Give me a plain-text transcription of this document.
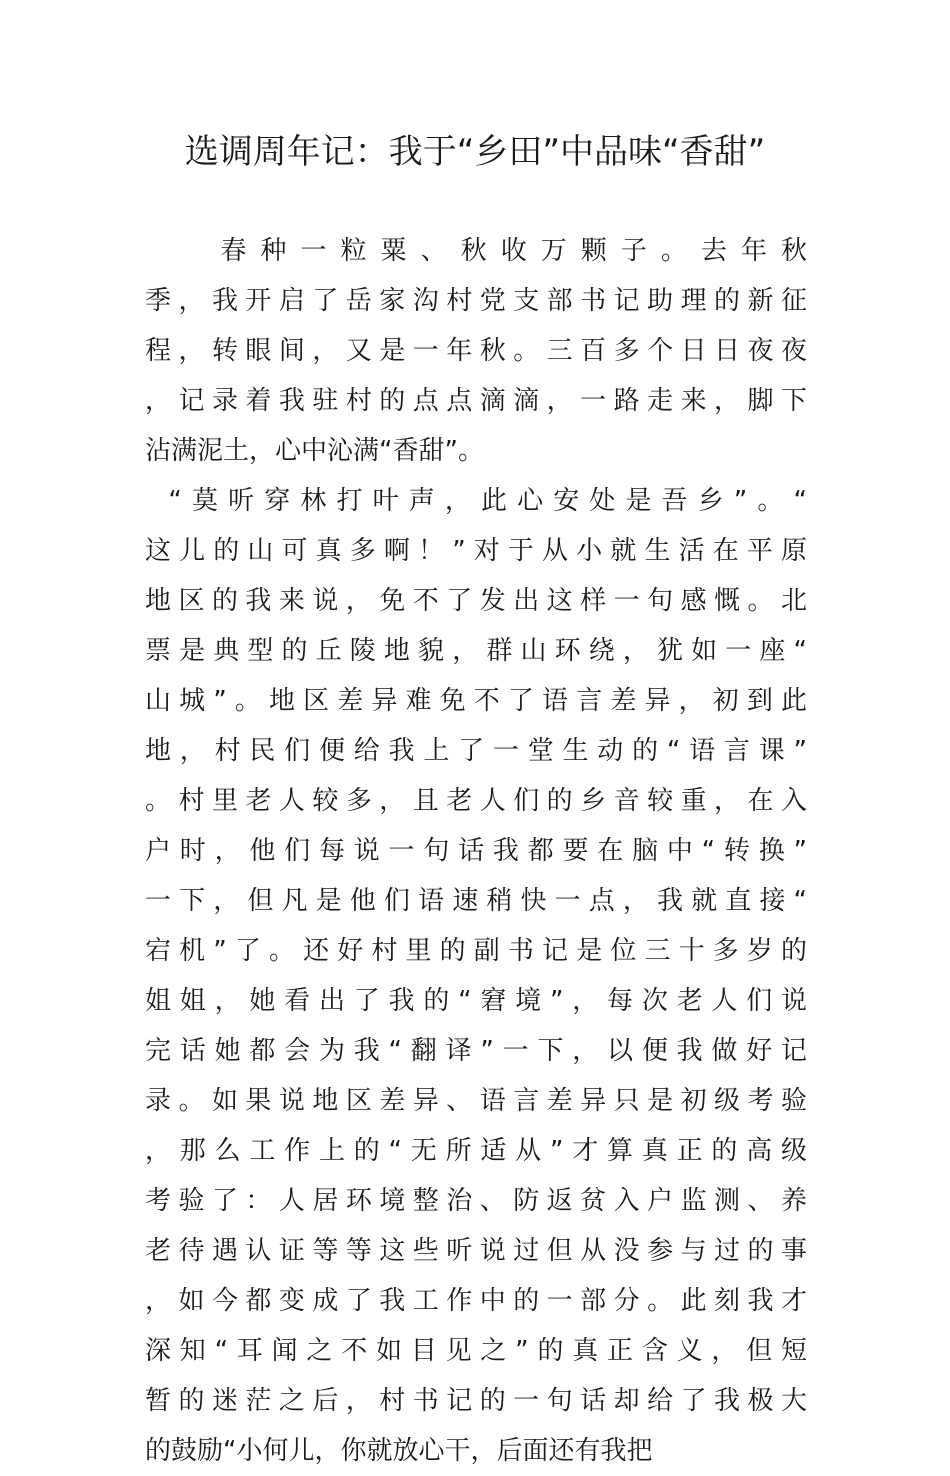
选调周年记：我于“乡田”中品味“香甜”
春种一粒粟、秋收万颗子。去年秋
季，我开启了岳家沟村党支部书记助理的新征
程，转眼间，又是一年秋。三百多个日日夜夜
，记录着我驻村的点点滴滴，一路走来，脚下
沾满泥土，心中沁满“香甜”。
“莫听穿林打叶声，此心安处是吾乡”。“
这儿的山可真多啊！”对于从小就生活在平原
地区的我来说，免不了发出这样一句感慨。北
票是典型的丘陵地貌，群山环绕，犹如一座“
山城”。地区差异难免不了语言差异，初到此
地，村民们便给我上了一堂生动的“语言课”
。村里老人较多，且老人们的乡音较重，在入
户时，他们每说一句话我都要在脑中“转换”
一下，但凡是他们语速稍快一点，我就直接“
宕机”了。还好村里的副书记是位三十多岁的
姐姐，她看出了我的“窘境”，每次老人们说
完话她都会为我“翻译”一下，以便我做好记
录。如果说地区差异、语言差异只是初级考验
，那么工作上的“无所适从”才算真正的高级
考验了：人居环境整治、防返贫入户监测、养
老待遇认证等等这些听说过但从没参与过的事
，如今都变成了我工作中的一部分。此刻我才
深知“耳闻之不如目见之”的真正含义，但短
暂的迷茫之后，村书记的一句话却给了我极大
的鼓励“小何儿，你就放心干，后面还有我把
